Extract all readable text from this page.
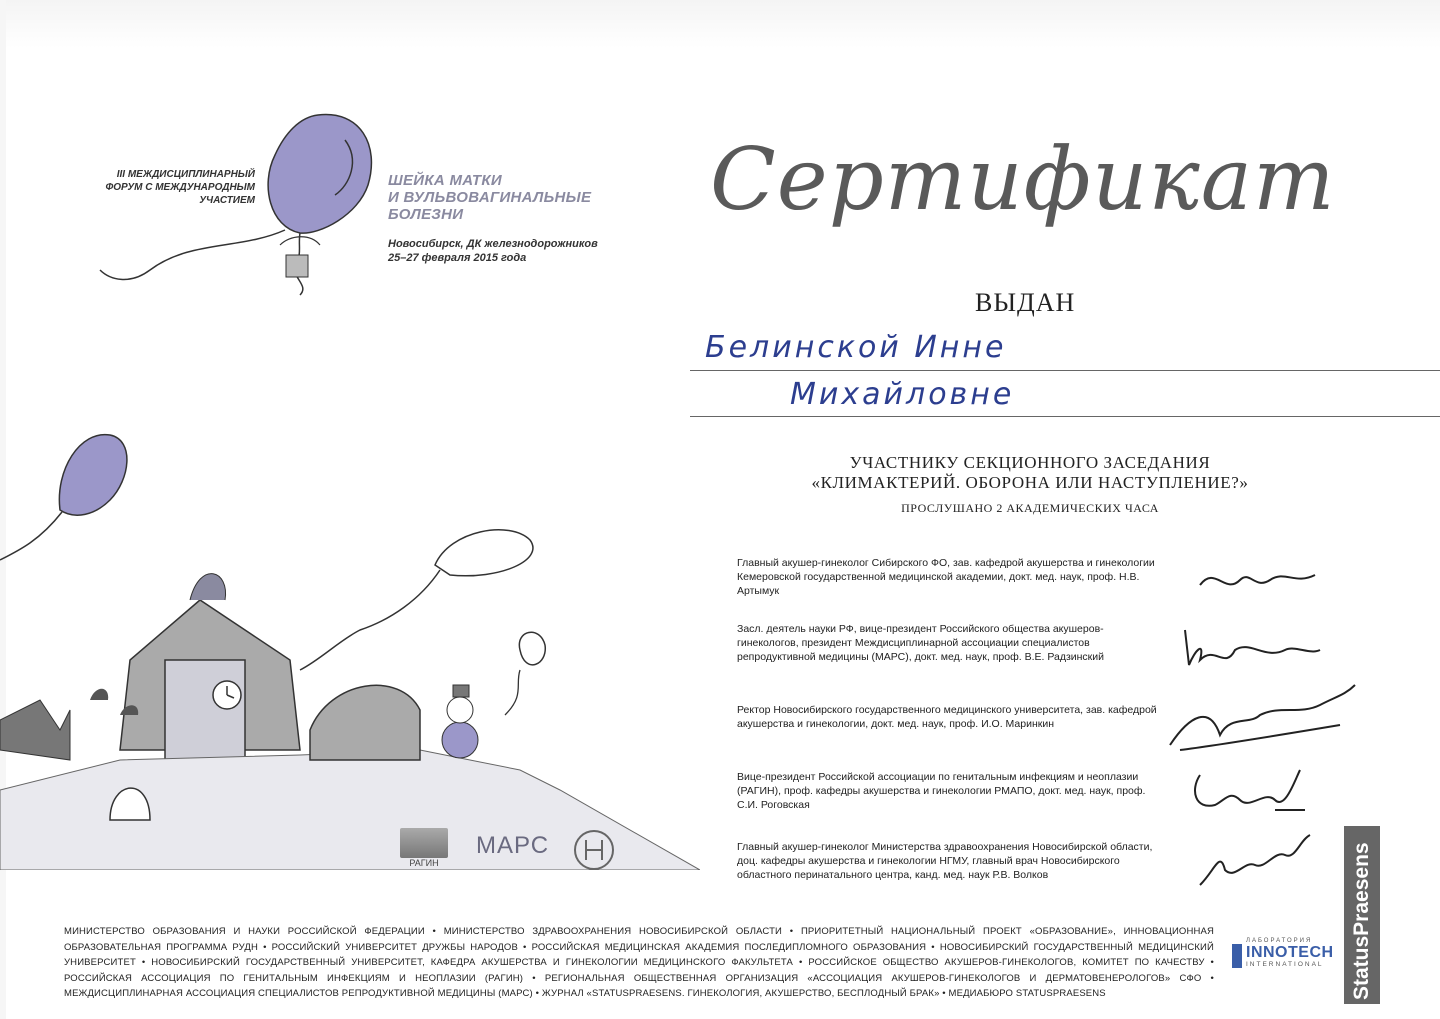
III МЕЖДИСЦИПЛИНАРНЫЙ
ФОРУМ С МЕЖДУНАРОДНЫМ
УЧАСТИЕМ
ШЕЙКА МАТКИ
И ВУЛЬВОВАГИНАЛЬНЫЕ
БОЛЕЗНИ
Новосибирск, ДК железнодорожников
25–27 февраля 2015 года
Сертификат
ВЫДАН
Белинской Инне
Михайловне
УЧАСТНИКУ СЕКЦИОННОГО ЗАСЕДАНИЯ
«КЛИМАКТЕРИЙ. ОБОРОНА ИЛИ НАСТУПЛЕНИЕ?»
ПРОСЛУШАНО 2 АКАДЕМИЧЕСКИХ ЧАСА
Главный акушер-гинеколог Сибирского ФО, зав. кафедрой акушерства и гинекологии Кемеровской государственной медицинской академии, докт. мед. наук, проф. Н.В. Артымук
Засл. деятель науки РФ, вице-президент Российского общества акушеров-гинекологов, президент Междисциплинарной ассоциации специалистов репродуктивной медицины (МАРС), докт. мед. наук, проф. В.Е. Радзинский
Ректор Новосибирского государственного медицинского университета, зав. кафедрой акушерства и гинекологии, докт. мед. наук, проф. И.О. Маринкин
Вице-президент Российской ассоциации по генитальным инфекциям и неоплазии (РАГИН), проф. кафедры акушерства и гинекологии РМАПО, докт. мед. наук, проф. С.И. Роговская
Главный акушер-гинеколог Министерства здравоохранения Новосибирской области, доц. кафедры акушерства и гинекологии НГМУ, главный врач Новосибирского областного перинатального центра, канд. мед. наук Р.В. Волков
РАГИН
МАРС
МИНИСТЕРСТВО ОБРАЗОВАНИЯ И НАУКИ РОССИЙСКОЙ ФЕДЕРАЦИИ • МИНИСТЕРСТВО ЗДРАВООХРАНЕНИЯ НОВОСИБИРСКОЙ ОБЛАСТИ • ПРИОРИТЕТНЫЙ НАЦИОНАЛЬНЫЙ ПРОЕКТ «ОБРАЗОВАНИЕ», ИННОВАЦИОННАЯ ОБРАЗОВАТЕЛЬНАЯ ПРОГРАММА РУДН • РОССИЙСКИЙ УНИВЕРСИТЕТ ДРУЖБЫ НАРОДОВ • РОССИЙСКАЯ МЕДИЦИНСКАЯ АКАДЕМИЯ ПОСЛЕДИПЛОМНОГО ОБРАЗОВАНИЯ • НОВОСИБИРСКИЙ ГОСУДАРСТВЕННЫЙ МЕДИЦИНСКИЙ УНИВЕРСИТЕТ • НОВОСИБИРСКИЙ ГОСУДАРСТВЕННЫЙ УНИВЕРСИТЕТ, КАФЕДРА АКУШЕРСТВА И ГИНЕКОЛОГИИ МЕДИЦИНСКОГО ФАКУЛЬТЕТА • РОССИЙСКОЕ ОБЩЕСТВО АКУШЕРОВ-ГИНЕКОЛОГОВ, КОМИТЕТ ПО КАЧЕСТВУ • РОССИЙСКАЯ АССОЦИАЦИЯ ПО ГЕНИТАЛЬНЫМ ИНФЕКЦИЯМ И НЕОПЛАЗИИ (РАГИН) • РЕГИОНАЛЬНАЯ ОБЩЕСТВЕННАЯ ОРГАНИЗАЦИЯ «АССОЦИАЦИЯ АКУШЕРОВ-ГИНЕКОЛОГОВ И ДЕРМАТОВЕНЕРОЛОГОВ» СФО • МЕЖДИСЦИПЛИНАРНАЯ АССОЦИАЦИЯ СПЕЦИАЛИСТОВ РЕПРОДУКТИВНОЙ МЕДИЦИНЫ (МАРС) • ЖУРНАЛ «STATUSPRAESENS. ГИНЕКОЛОГИЯ, АКУШЕРСТВО, БЕСПЛОДНЫЙ БРАК» • МЕДИАБЮРО STATUSPRAESENS
ЛАБОРАТОРИЯ
INNOTECH
INTERNATIONAL	StatusPraesens
